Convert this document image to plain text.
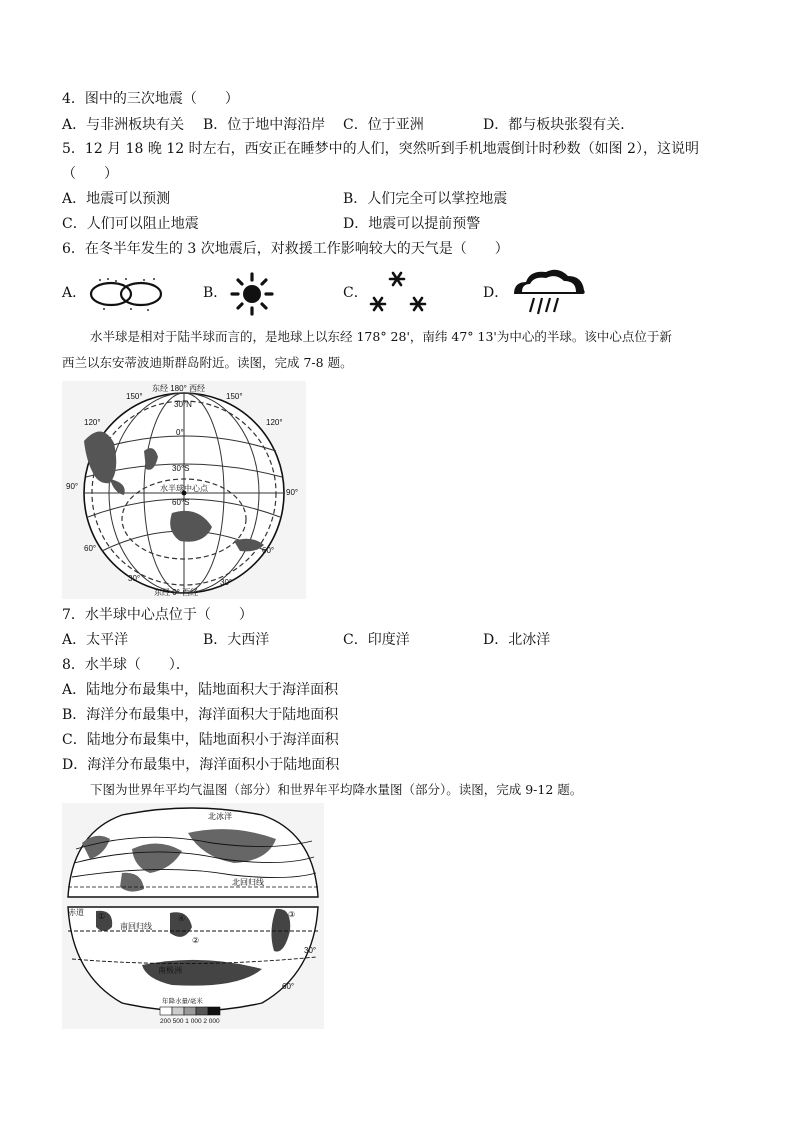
4．图中的三次地震（　　）
A．与非洲板块有关 B．位于地中海沿岸 C．位于亚洲	D．都与板块张裂有关．
5．12 月 18 晚 12 时左右，西安正在睡梦中的人们，突然听到手机地震倒计时秒数（如图 2），这说明
（　　）
A．地震可以预测	B．人们完全可以掌控地震
C．人们可以阻止地震	D．地震可以提前预警
6．在冬半年发生的 3 次地震后，对救援工作影响较大的天气是（　　）
A．	B．	C．	D．
水半球是相对于陆半球而言的，是地球上以东经 178° 28'，南纬 47° 13'为中心的半球。该中心点位于新
西兰以东安蒂波迪斯群岛附近。读图，完成 7-8 题。
东经 180° 西经
东经 0° 西经
30°N
0°
30°S
60°S
水半球中心点
150°	150°
120°	120°
90°
90°
60°	60°
30°	30°
7．水半球中心点位于（　　）
A．太平洋	B．大西洋	C．印度洋	D．北冰洋
8．水半球（　　）．
A．陆地分布最集中，陆地面积大于海洋面积
B．海洋分布最集中，海洋面积大于陆地面积
C．陆地分布最集中，陆地面积小于海洋面积
D．海洋分布最集中，海洋面积小于陆地面积
下图为世界年平均气温图（部分）和世界年平均降水量图（部分）。读图，完成 9-12 题。
北冰洋
北回归线
赤道
南回归线
南极洲
30°
60°
①
②
③
④
年降水量/毫米
200 500 1 000 2 000
